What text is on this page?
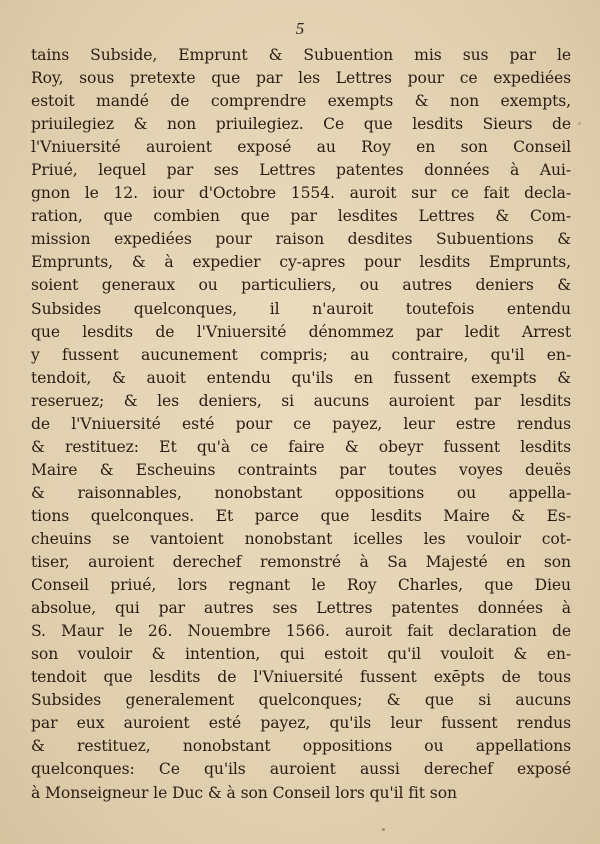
5
tains Subside, Emprunt & Subuention mis sus par le
Roy, sous pretexte que par les Lettres pour ce expediées
estoit mandé de comprendre exempts & non exempts,
priuilegiez & non priuilegiez. Ce que lesdits Sieurs de
l'Vniuersité auroient exposé au Roy en son Conseil
Priué, lequel par ses Lettres patentes données à Aui-
gnon le 12. iour d'Octobre 1554. auroit sur ce fait decla-
ration, que combien que par lesdites Lettres & Com-
mission expediées pour raison desdites Subuentions &
Emprunts, & à expedier cy-apres pour lesdits Emprunts,
soient generaux ou particuliers, ou autres deniers &
Subsides quelconques, il n'auroit toutefois entendu
que lesdits de l'Vniuersité dénommez par ledit Arrest
y fussent aucunement compris; au contraire, qu'il en-
tendoit, & auoit entendu qu'ils en fussent exempts &
reseruez; & les deniers, si aucuns auroient par lesdits
de l'Vniuersité esté pour ce payez, leur estre rendus
& restituez: Et qu'à ce faire & obeyr fussent lesdits
Maire & Escheuins contraints par toutes voyes deuës
& raisonnables, nonobstant oppositions ou appella-
tions quelconques. Et parce que lesdits Maire & Es-
cheuins se vantoient nonobstant icelles les vouloir cot-
tiser, auroient derechef remonstré à Sa Majesté en son
Conseil priué, lors regnant le Roy Charles, que Dieu
absolue, qui par autres ses Lettres patentes données à
S. Maur le 26. Nouembre 1566. auroit fait declaration de
son vouloir & intention, qui estoit qu'il vouloit & en-
tendoit que lesdits de l'Vniuersité fussent exēpts de tous
Subsides generalement quelconques; & que si aucuns
par eux auroient esté payez, qu'ils leur fussent rendus
& restituez, nonobstant oppositions ou appellations
quelconques: Ce qu'ils auroient aussi derechef exposé
à Monseigneur le Duc & à son Conseil lors qu'il fit son
